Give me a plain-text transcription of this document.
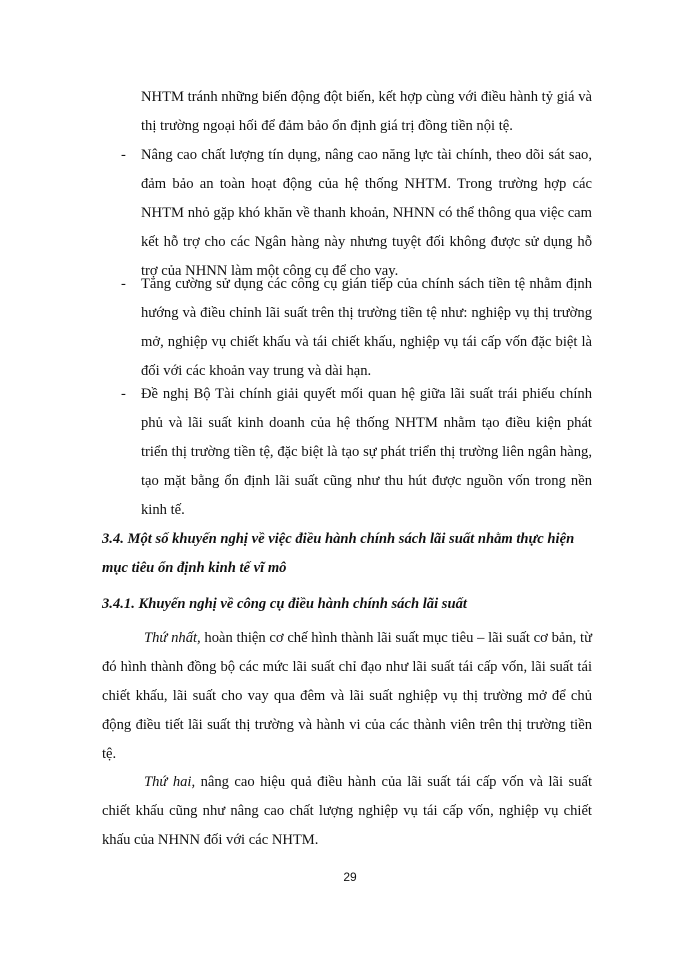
NHTM tránh những biến động đột biến, kết hợp cùng với điều hành tỷ giá và thị trường ngoại hối để đảm bảo ổn định giá trị đồng tiền nội tệ.

- Nâng cao chất lượng tín dụng, nâng cao năng lực tài chính, theo dõi sát sao, đảm bảo an toàn hoạt động của hệ thống NHTM. Trong trường hợp các NHTM nhỏ gặp khó khăn về thanh khoản, NHNN có thể thông qua việc cam kết hỗ trợ cho các Ngân hàng này nhưng tuyệt đối không được sử dụng hỗ trợ của NHNN làm một công cụ để cho vay.
- Tăng cường sử dụng các công cụ gián tiếp của chính sách tiền tệ nhằm định hướng và điều chỉnh lãi suất trên thị trường tiền tệ như: nghiệp vụ thị trường mở, nghiệp vụ chiết khấu và tái chiết khấu, nghiệp vụ tái cấp vốn đặc biệt là đối với các khoản vay trung và dài hạn.
- Đề nghị Bộ Tài chính giải quyết mối quan hệ giữa lãi suất trái phiếu chính phủ và lãi suất kinh doanh của hệ thống NHTM nhằm tạo điều kiện phát triển thị trường tiền tệ, đặc biệt là tạo sự phát triển thị trường liên ngân hàng, tạo mặt bằng ổn định lãi suất cũng như thu hút được nguồn vốn trong nền kinh tế.
3.4. Một số khuyến nghị về việc điều hành chính sách lãi suất nhằm thực hiện mục tiêu ổn định kinh tế vĩ mô
3.4.1. Khuyến nghị về công cụ điều hành chính sách lãi suất

Thứ nhất, hoàn thiện cơ chế hình thành lãi suất mục tiêu – lãi suất cơ bản, từ đó hình thành đồng bộ các mức lãi suất chỉ đạo như lãi suất tái cấp vốn, lãi suất tái chiết khấu, lãi suất cho vay qua đêm và lãi suất nghiệp vụ thị trường mở để chủ động điều tiết lãi suất thị trường và hành vi của các thành viên trên thị trường tiền tệ.

Thứ hai, nâng cao hiệu quả điều hành của lãi suất tái cấp vốn và lãi suất chiết khấu cũng như nâng cao chất lượng nghiệp vụ tái cấp vốn, nghiệp vụ chiết khấu của NHNN đối với các NHTM.

29
